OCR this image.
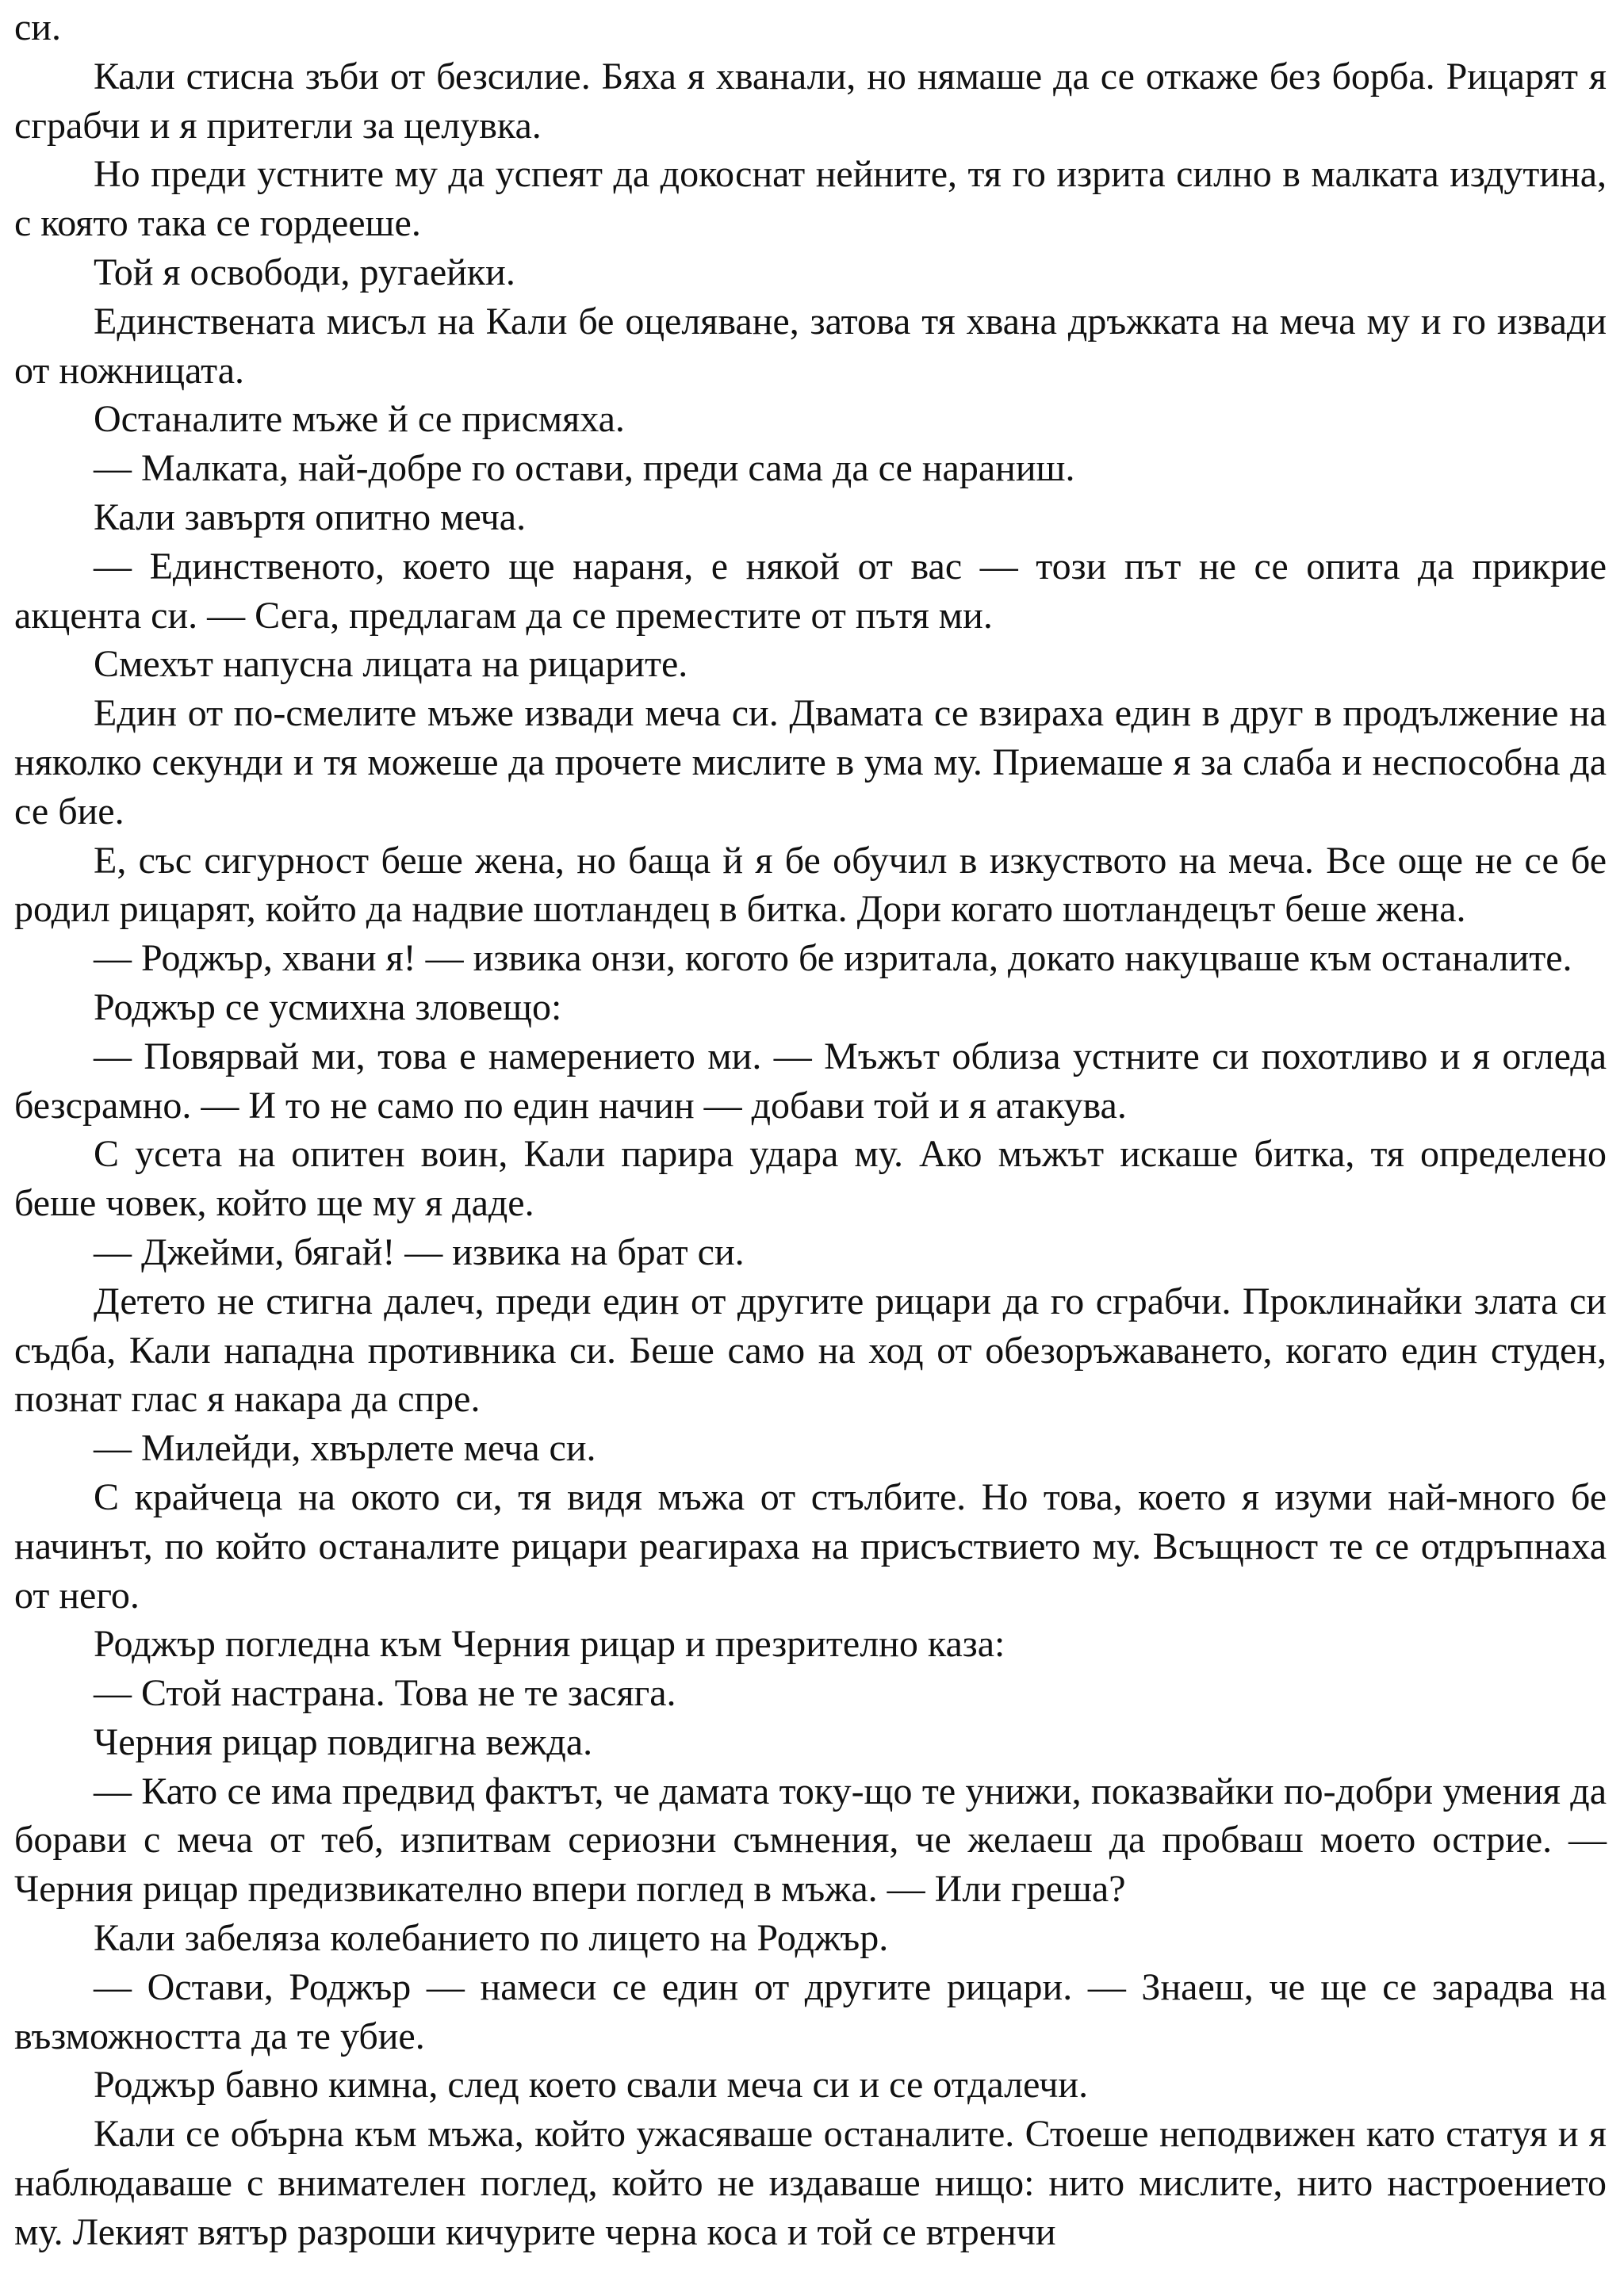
си.

Кали стисна зъби от безсилие. Бяха я хванали, но нямаше да се откаже без борба. Рицарят я сграбчи и я притегли за целувка.

Но преди устните му да успеят да докоснат нейните, тя го изрита силно в малката издутина, с която така се гордееше.

Той я освободи, ругаейки.

Единствената мисъл на Кали бе оцеляване, затова тя хвана дръжката на меча му и го извади от ножницата.

Останалите мъже й се присмяха.

— Малката, най-добре го остави, преди сама да се нараниш.

Кали завъртя опитно меча.

— Единственото, което ще нараня, е някой от вас — този път не се опита да прикрие акцента си. — Сега, предлагам да се преместите от пътя ми.

Смехът напусна лицата на рицарите.

Един от по-смелите мъже извади меча си. Двамата се взираха един в друг в продължение на няколко секунди и тя можеше да прочете мислите в ума му. Приемаше я за слаба и неспособна да се бие.

Е, със сигурност беше жена, но баща й я бе обучил в изкуството на меча. Все още не се бе родил рицарят, който да надвие шотландец в битка. Дори когато шотландецът беше жена.

— Роджър, хвани я! — извика онзи, когото бе изритала, докато накуцваше към останалите.

Роджър се усмихна зловещо:

— Повярвай ми, това е намерението ми. — Мъжът облиза устните си похотливо и я огледа безсрамно. — И то не само по един начин — добави той и я атакува.

С усета на опитен воин, Кали парира удара му. Ако мъжът искаше битка, тя определено беше човек, който ще му я даде.

— Джейми, бягай! — извика на брат си.

Детето не стигна далеч, преди един от другите рицари да го сграбчи. Проклинайки злата си съдба, Кали нападна противника си. Беше само на ход от обезоръжаването, когато един студен, познат глас я накара да спре.

— Милейди, хвърлете меча си.

С крайчеца на окото си, тя видя мъжа от стълбите. Но това, което я изуми най-много бе начинът, по който останалите рицари реагираха на присъствието му. Всъщност те се отдръпнаха от него.

Роджър погледна към Черния рицар и презрително каза:

— Стой настрана. Това не те засяга.

Черния рицар повдигна вежда.

— Като се има предвид фактът, че дамата току-що те унижи, показвайки по-добри умения да борави с меча от теб, изпитвам сериозни съмнения, че желаеш да пробваш моето острие. — Черния рицар предизвикателно впери поглед в мъжа. — Или греша?

Кали забеляза колебанието по лицето на Роджър.

— Остави, Роджър — намеси се един от другите рицари. — Знаеш, че ще се зарадва на възможността да те убие.

Роджър бавно кимна, след което свали меча си и се отдалечи.

Кали се обърна към мъжа, който ужасяваше останалите. Стоеше неподвижен като статуя и я наблюдаваше с внимателен поглед, който не издаваше нищо: нито мислите, нито настроението му. Лекият вятър разроши кичурите черна коса и той се втренчи
